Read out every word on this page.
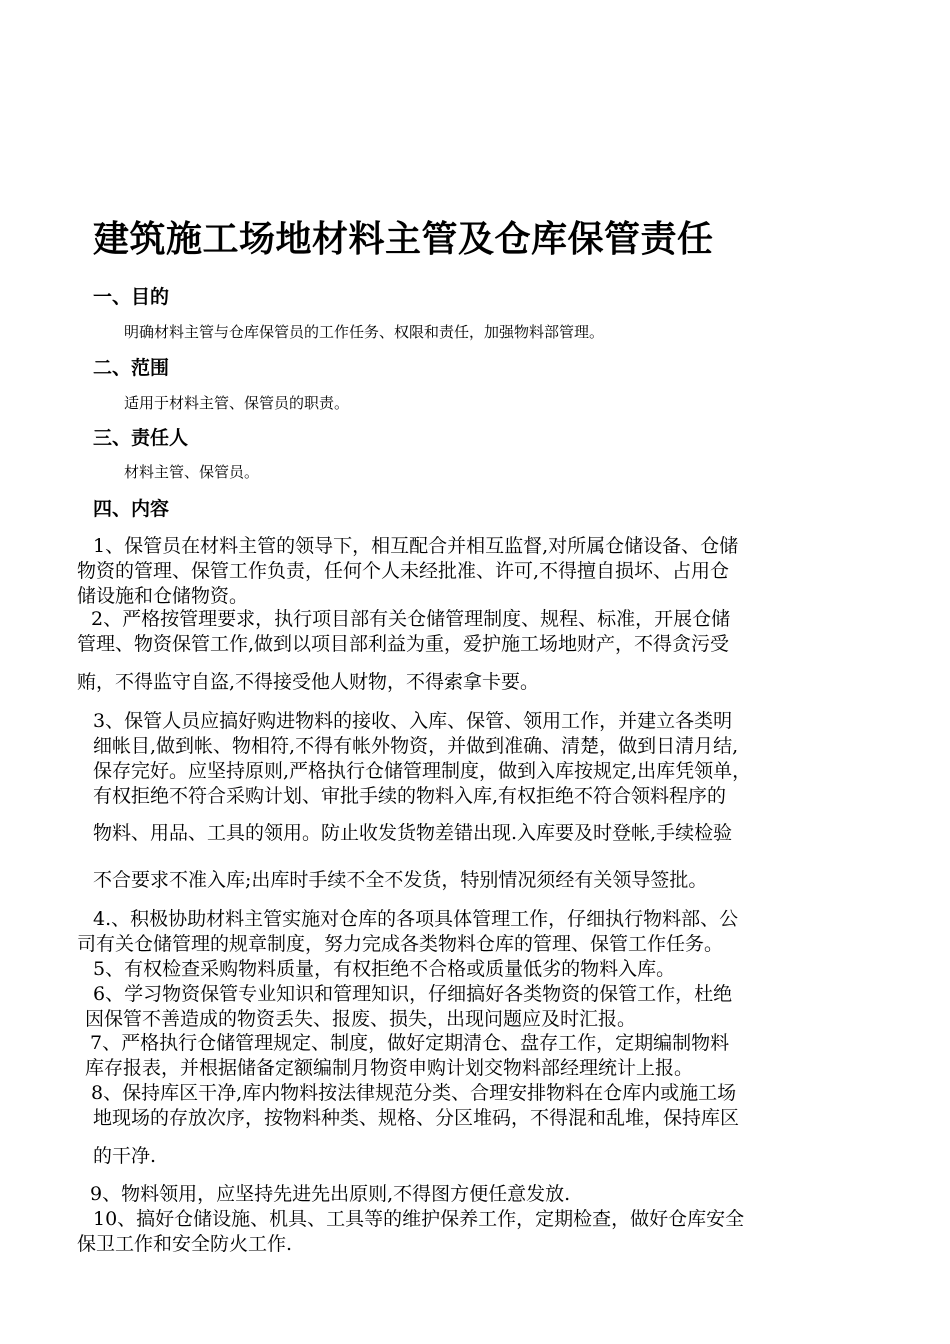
建筑施工场地材料主管及仓库保管责任
一、目的
明确材料主管与仓库保管员的工作任务、权限和责任，加强物料部管理。
二、范围
适用于材料主管、保管员的职责。
三、责任人
材料主管、保管员。
四、内容
1、保管员在材料主管的领导下，相互配合并相互监督,对所属仓储设备、仓储
物资的管理、保管工作负责，任何个人未经批准、许可,不得擅自损坏、占用仓
储设施和仓储物资。
2、严格按管理要求，执行项目部有关仓储管理制度、规程、标准，开展仓储
管理、物资保管工作,做到以项目部利益为重，爱护施工场地财产，不得贪污受
贿，不得监守自盗,不得接受他人财物，不得索拿卡要。
3、保管人员应搞好购进物料的接收、入库、保管、领用工作，并建立各类明
细帐目,做到帐、物相符,不得有帐外物资，并做到准确、清楚，做到日清月结,
保存完好。应坚持原则,严格执行仓储管理制度，做到入库按规定,出库凭领单，
有权拒绝不符合采购计划、审批手续的物料入库,有权拒绝不符合领料程序的
物料、用品、工具的领用。防止收发货物差错出现.入库要及时登帐,手续检验
不合要求不准入库;出库时手续不全不发货，特别情况须经有关领导签批。
4.、积极协助材料主管实施对仓库的各项具体管理工作，仔细执行物料部、公
司有关仓储管理的规章制度，努力完成各类物料仓库的管理、保管工作任务。
5、有权检查采购物料质量，有权拒绝不合格或质量低劣的物料入库。
6、学习物资保管专业知识和管理知识，仔细搞好各类物资的保管工作，杜绝
因保管不善造成的物资丢失、报废、损失，出现问题应及时汇报。
7、严格执行仓储管理规定、制度，做好定期清仓、盘存工作，定期编制物料
库存报表，并根据储备定额编制月物资申购计划交物料部经理统计上报。
8、保持库区干净,库内物料按法律规范分类、合理安排物料在仓库内或施工场
地现场的存放次序，按物料种类、规格、分区堆码，不得混和乱堆，保持库区
的干净.
9、物料领用，应坚持先进先出原则,不得图方便任意发放.
10、搞好仓储设施、机具、工具等的维护保养工作，定期检查，做好仓库安全
保卫工作和安全防火工作.
